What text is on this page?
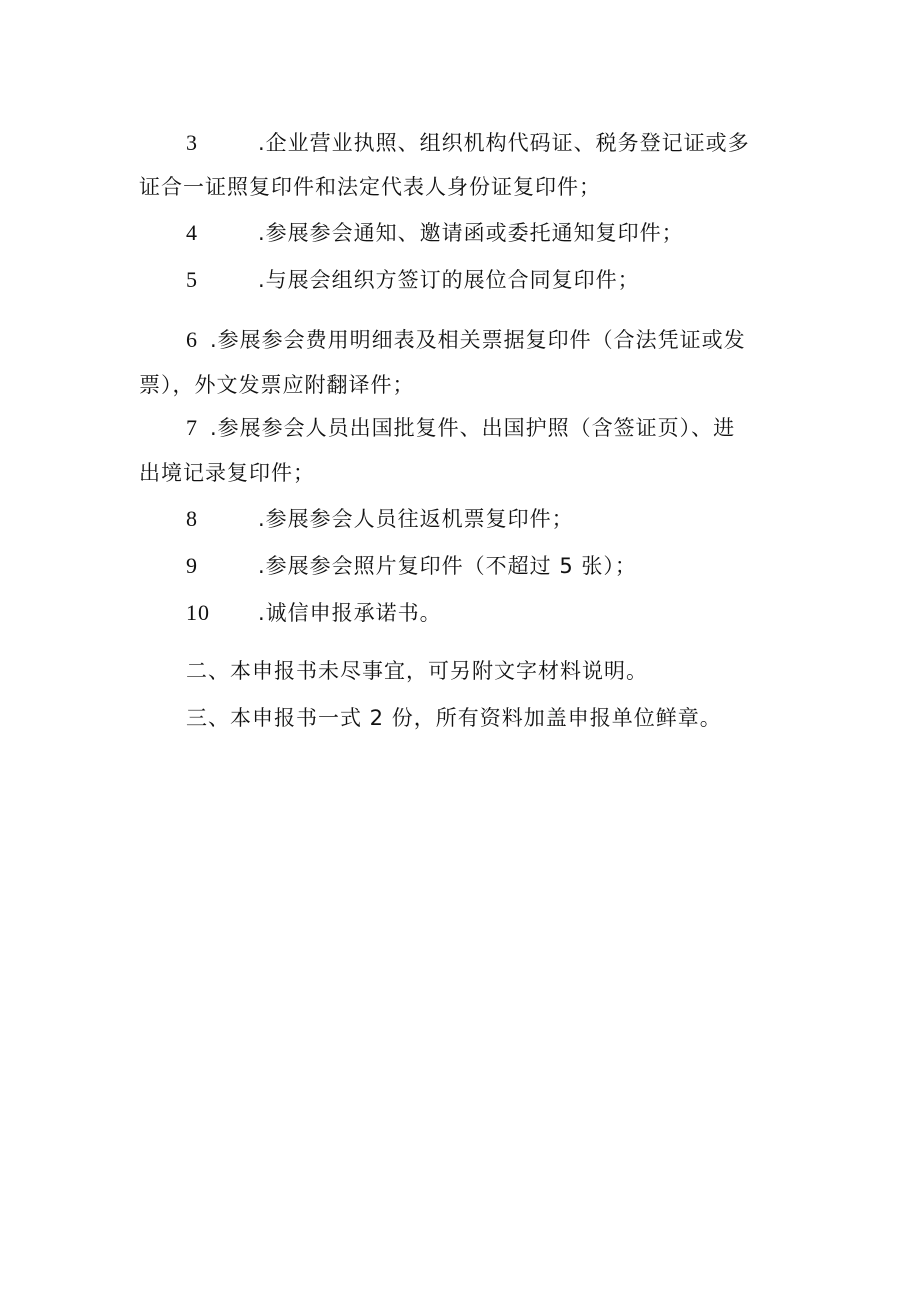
3	.企业营业执照、组织机构代码证、税务登记证或多
证合一证照复印件和法定代表人身份证复印件；
4	.参展参会通知、邀请函或委托通知复印件；
5	.与展会组织方签订的展位合同复印件；
6 .参展参会费用明细表及相关票据复印件（合法凭证或发
票），外文发票应附翻译件；
7 .参展参会人员出国批复件、出国护照（含签证页）、进
出境记录复印件；
8	.参展参会人员往返机票复印件；
9	.参展参会照片复印件（不超过 5 张）；
10 .诚信申报承诺书。
二、本申报书未尽事宜，可另附文字材料说明。
三、本申报书一式 2 份，所有资料加盖申报单位鲜章。
